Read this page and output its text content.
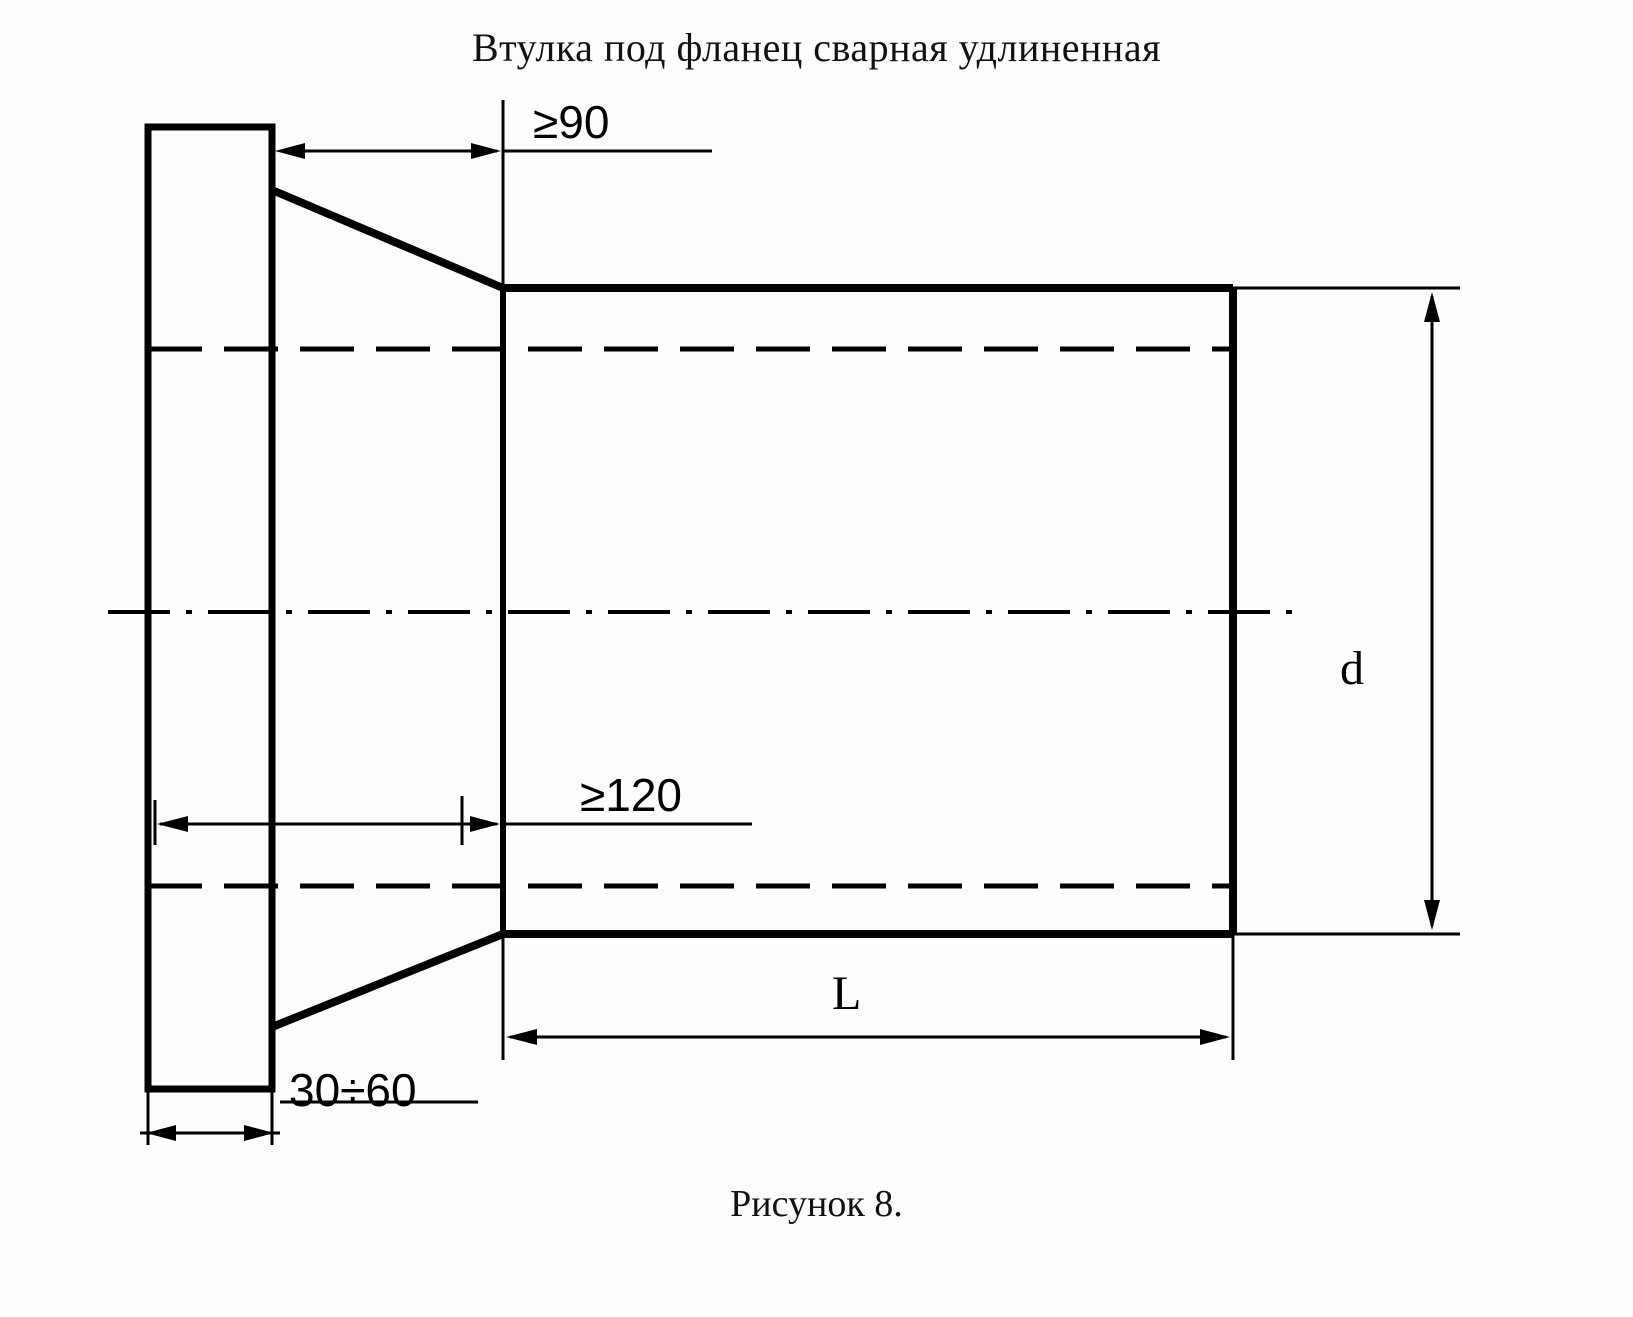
Втулка под фланец сварная удлиненная
≥90
≥120
30÷60
d
L
Рисунок 8.
